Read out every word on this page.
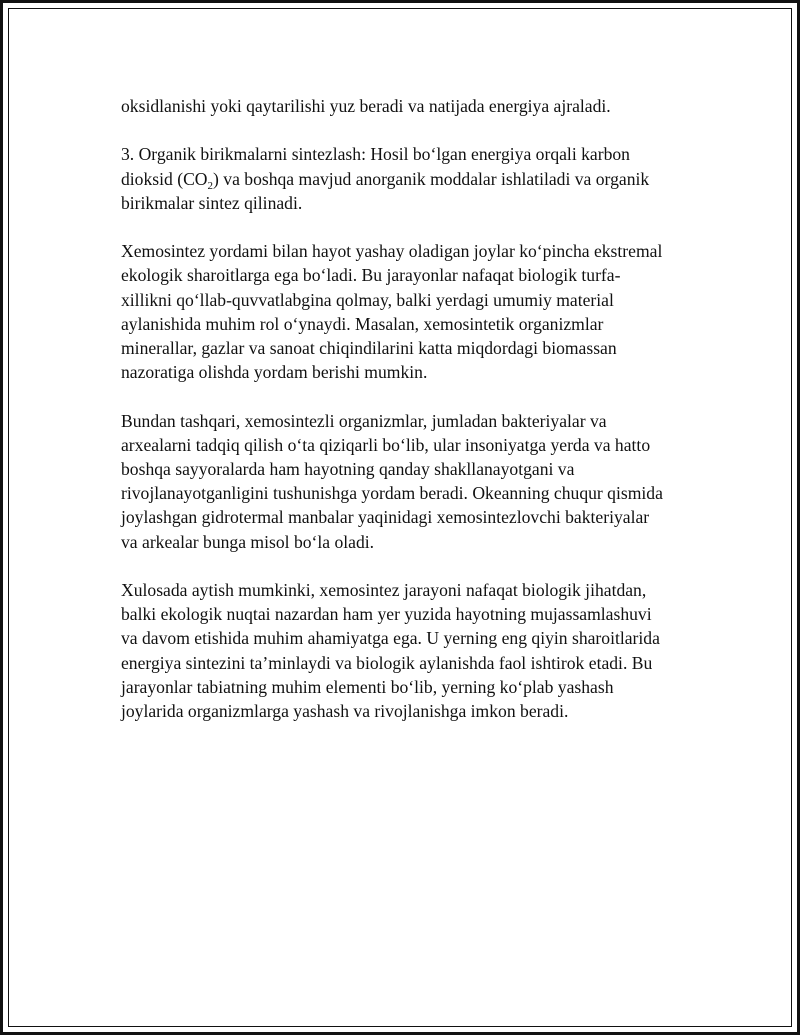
oksidlanishi yoki qaytarilishi yuz beradi va natijada energiya ajraladi.

3. Organik birikmalarni sintezlash: Hosil bo‘lgan energiya orqali karbon
dioksid $(CO_2)$ va boshqa mavjud anorganik moddalar ishlatiladi va organik
birikmalar sintez qilinadi.

Xemosintez yordami bilan hayot yashay oladigan joylar ko‘pincha ekstremal
ekologik sharoitlarga ega bo‘ladi. Bu jarayonlar nafaqat biologik turfa-
xillikni qo‘llab-quvvatlabgina qolmay, balki yerdagi umumiy material
aylanishida muhim rol o‘ynaydi. Masalan, xemosintetik organizmlar
minerallar, gazlar va sanoat chiqindilarini katta miqdordagi biomassan
nazoratiga olishda yordam berishi mumkin.

Bundan tashqari, xemosintezli organizmlar, jumladan bakteriyalar va
arxealarni tadqiq qilish o‘ta qiziqarli bo‘lib, ular insoniyatga yerda va hatto
boshqa sayyoralarda ham hayotning qanday shakllanayotgani va
rivojlanayotganligini tushunishga yordam beradi. Okeanning chuqur qismida
joylashgan gidrotermal manbalar yaqinidagi xemosintezlovchi bakteriyalar
va arkealar bunga misol bo‘la oladi.

Xulosada aytish mumkinki, xemosintez jarayoni nafaqat biologik jihatdan,
balki ekologik nuqtai nazardan ham yer yuzida hayotning mujassamlashuvi
va davom etishida muhim ahamiyatga ega. U yerning eng qiyin sharoitlarida
energiya sintezini ta’minlaydi va biologik aylanishda faol ishtirok etadi. Bu
jarayonlar tabiatning muhim elementi bo‘lib, yerning ko‘plab yashash
joylarida organizmlarga yashash va rivojlanishga imkon beradi.
